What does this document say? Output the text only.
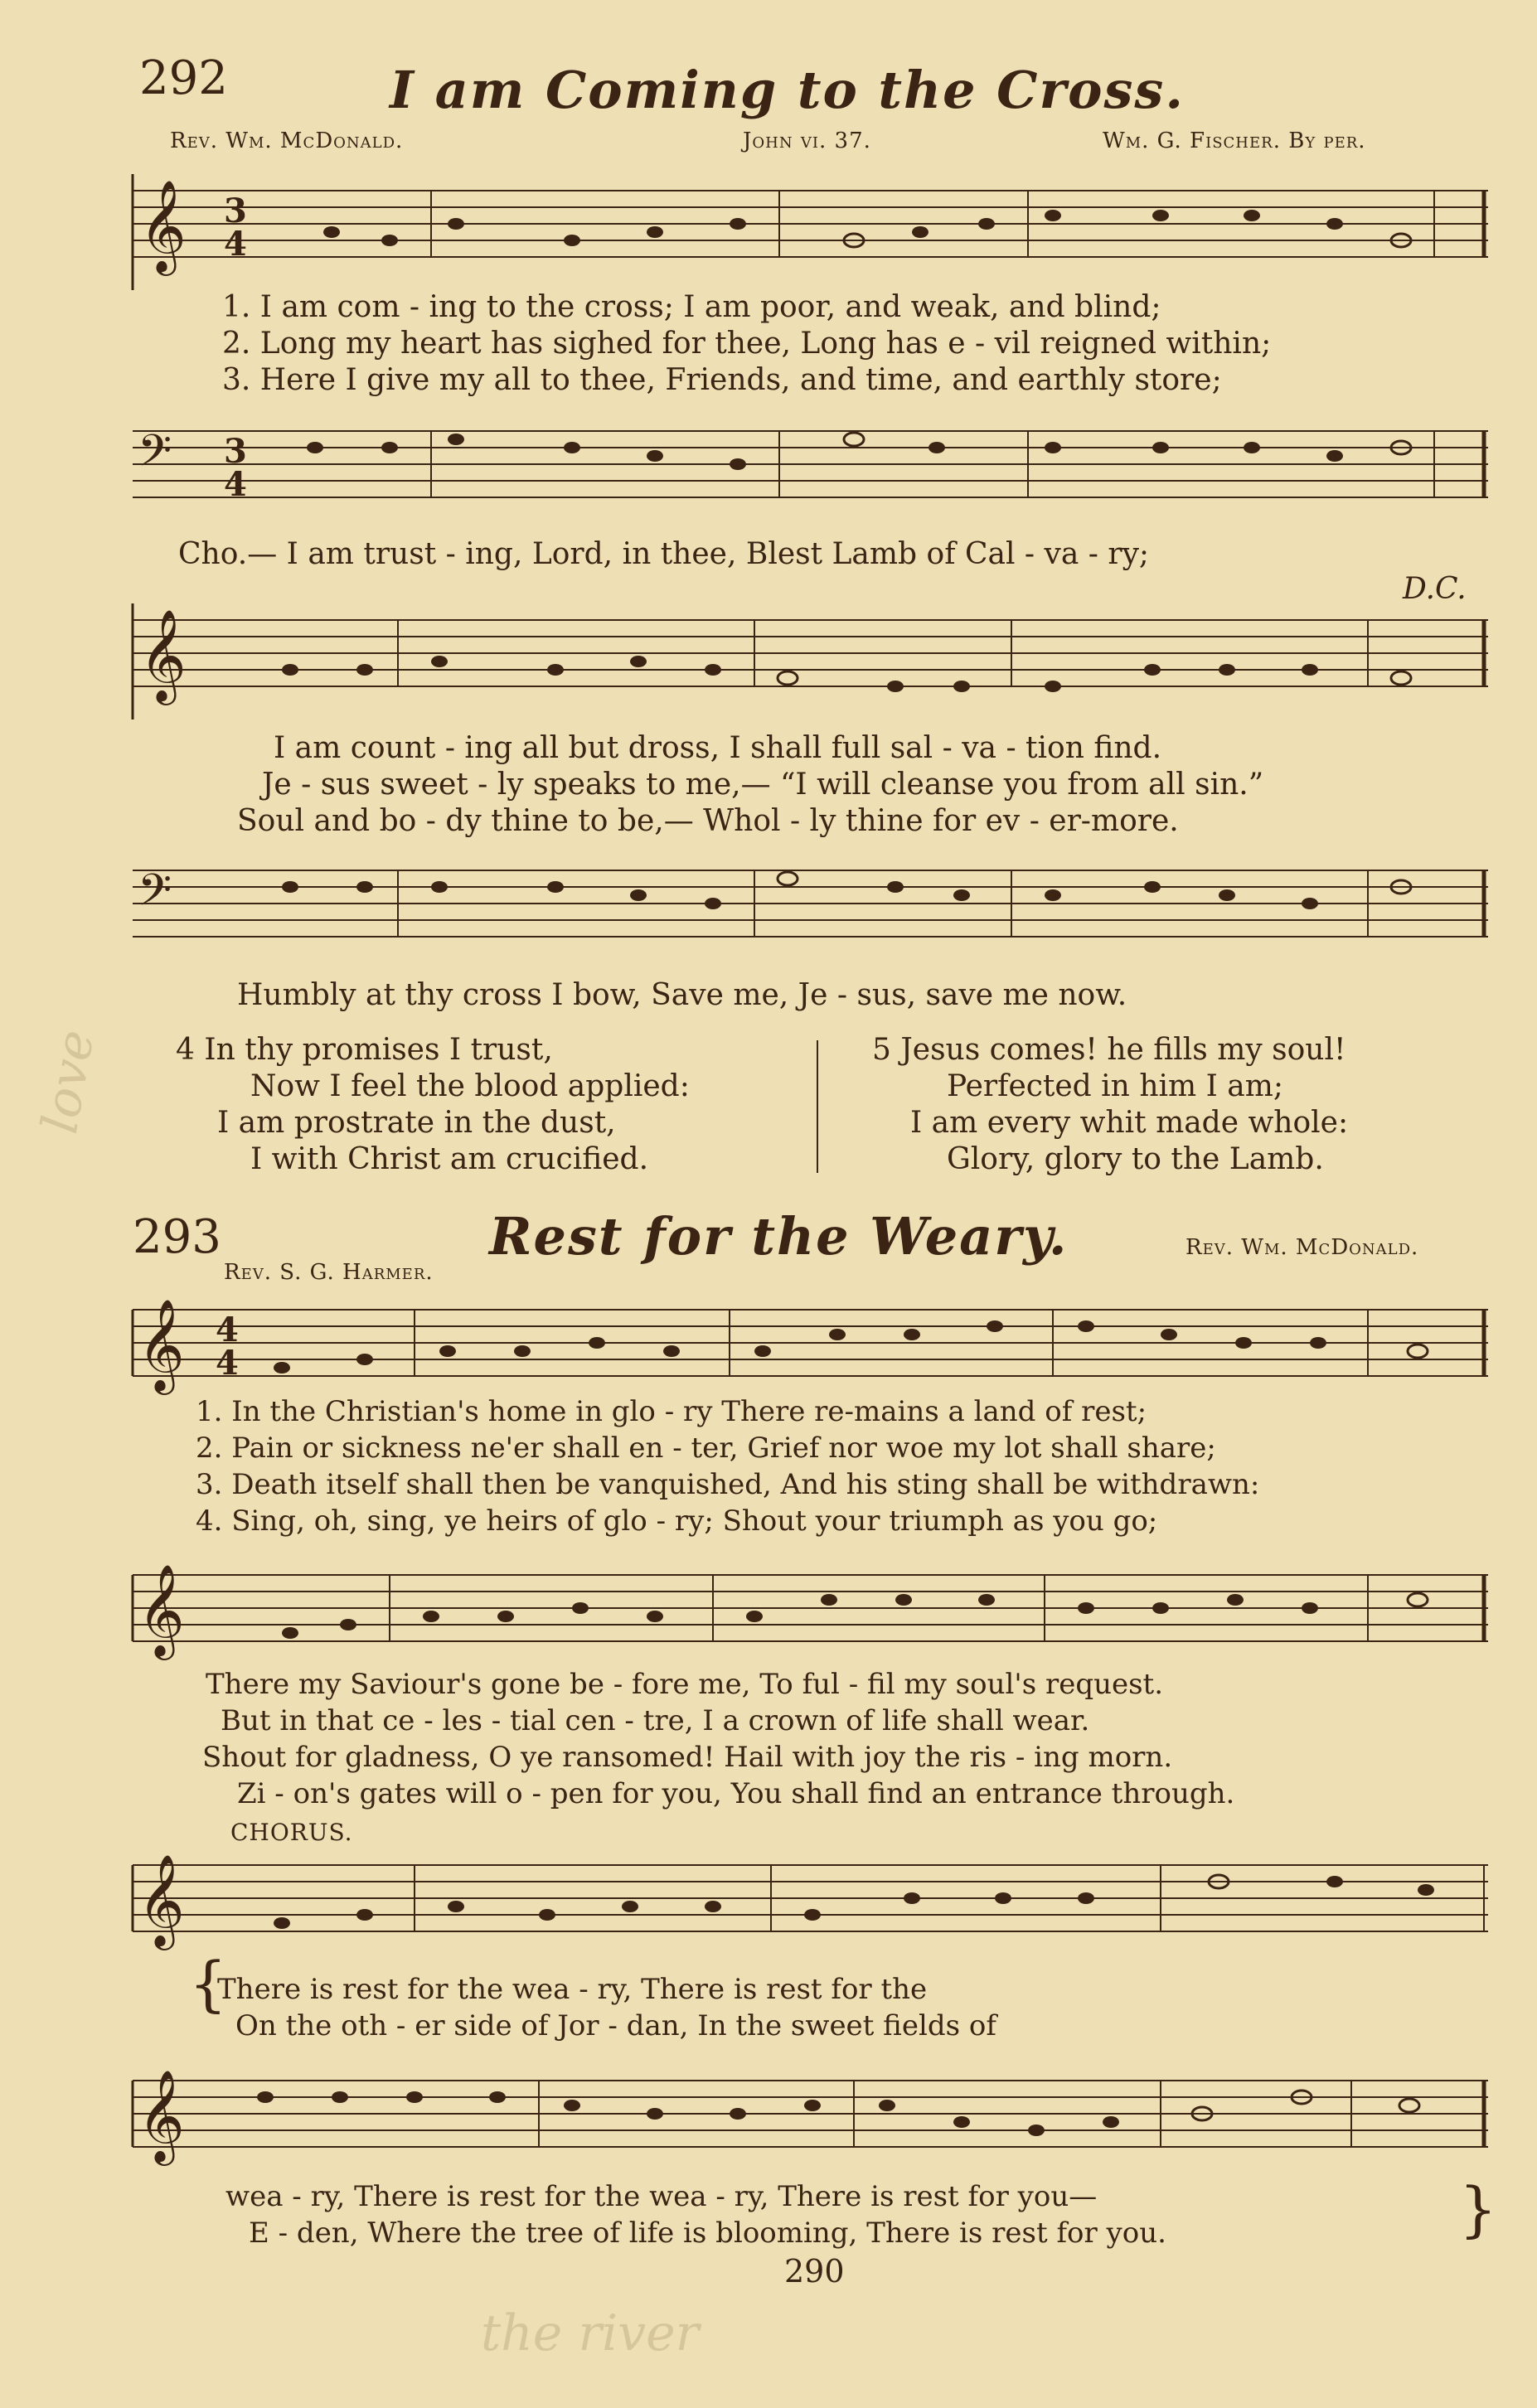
love
292	I am Coming to the Cross.
Rev. Wm. McDonald.	John vi. 37.	Wm. G. Fischer. By per.
𝄞 3
4
1. I am com - ing to the cross; I am poor, and weak, and blind;
2. Long my heart has sighed for thee, Long has e - vil reigned within;
3. Here I give my all to thee, Friends, and time, and earthly store;
𝄢 3
4
Cho.— I am trust - ing, Lord, in thee, Blest Lamb of Cal - va - ry;
D.C.
𝄞
I am count - ing all but dross, I shall full sal - va - tion find.
Je - sus sweet - ly speaks to me,— “I will cleanse you from all sin.”
Soul and bo - dy thine to be,— Whol - ly thine for ev - er-more.
𝄢
Humbly at thy cross I bow, Save me, Je - sus, save me now.
4 In thy promises I trust,
Now I feel the blood applied:
I am prostrate in the dust,
I with Christ am crucified.
5 Jesus comes! he fills my soul!
Perfected in him I am;
I am every whit made whole:
Glory, glory to the Lamb.
293	Rest for the Weary.	Rev. Wm. McDonald.
Rev. S. G. Harmer.
𝄞 4
4
1. In the Christian's home in glo - ry There re-mains a land of rest;
2. Pain or sickness ne'er shall en - ter, Grief nor woe my lot shall share;
3. Death itself shall then be vanquished, And his sting shall be withdrawn:
4. Sing, oh, sing, ye heirs of glo - ry; Shout your triumph as you go;
𝄞
There my Saviour's gone be - fore me, To ful - fil my soul's request.
But in that ce - les - tial cen - tre, I a crown of life shall wear.
Shout for gladness, O ye ransomed! Hail with joy the ris - ing morn.
Zi - on's gates will o - pen for you, You shall find an entrance through.
CHORUS.
𝄞
{
There is rest for the wea - ry, There is rest for the
On the oth - er side of Jor - dan, In the sweet fields of
𝄞
wea - ry, There is rest for the wea - ry, There is rest for you—
E - den, Where the tree of life is blooming, There is rest for you.	}
290
the river
